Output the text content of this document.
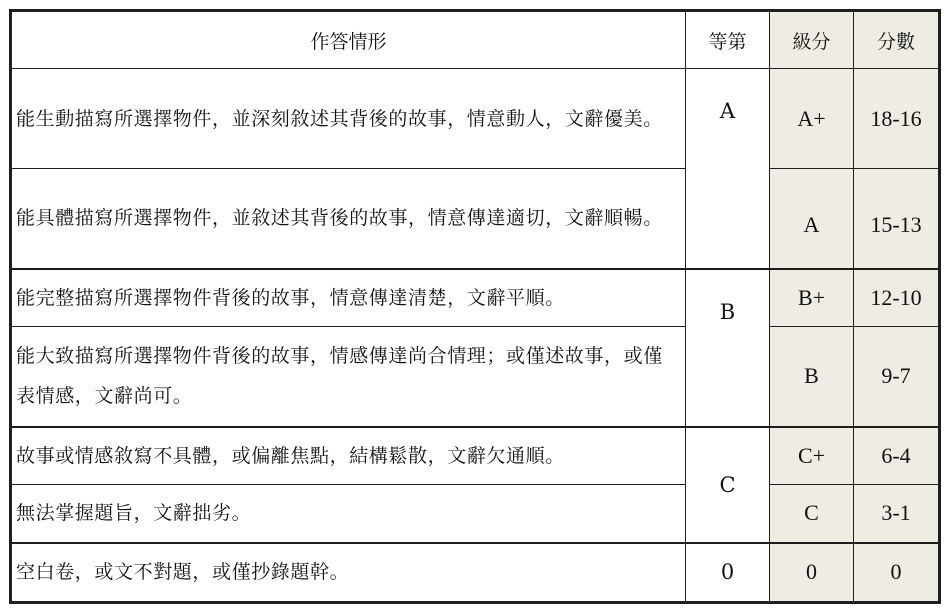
作答情形	等第	級分	分數
能生動描寫所選擇物件，並深刻敘述其背後的故事，情意動人，文辭優美。	A	A+	18-16
能具體描寫所選擇物件，並敘述其背後的故事，情意傳達適切，文辭順暢。		A	15-13
能完整描寫所選擇物件背後的故事，情意傳達清楚，文辭平順。	B	B+	12-10
能大致描寫所選擇物件背後的故事，情感傳達尚合情理；或僅述故事，或僅表情感，文辭尚可。		B	9-7
故事或情感敘寫不具體，或偏離焦點，結構鬆散，文辭欠通順。	C	C+	6-4
無法掌握題旨，文辭拙劣。		C	3-1
空白卷，或文不對題，或僅抄錄題幹。	0	0	0
